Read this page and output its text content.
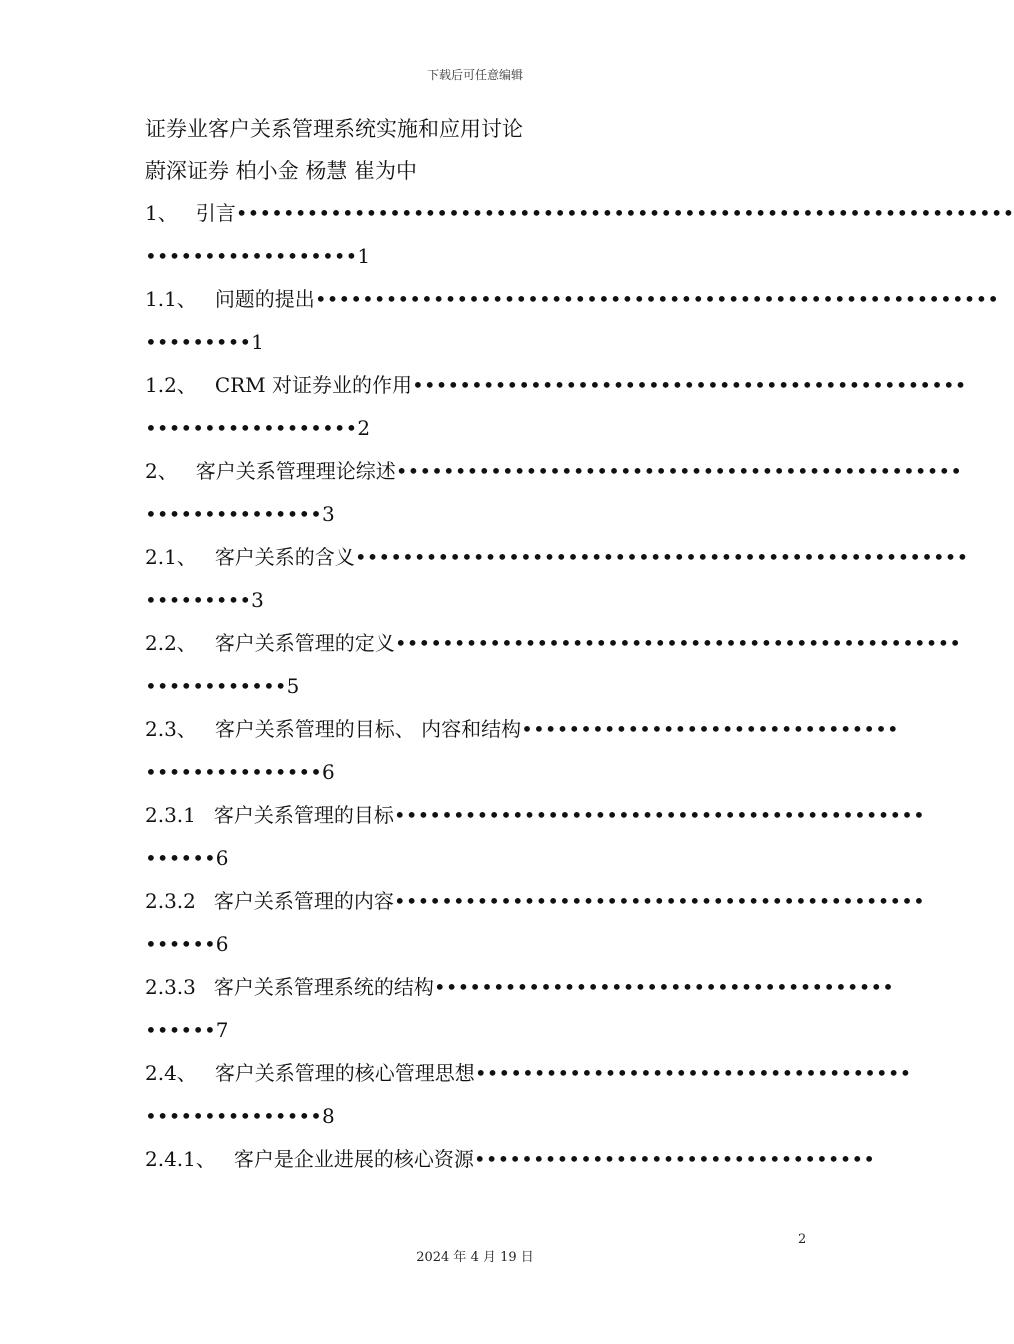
下载后可任意编辑
证券业客户关系管理系统实施和应用讨论
蔚深证券 柏小金 杨慧 崔为中
1、 引言••••••••••••••••••••••••••••••••••••••••••••••••••••••••••••••••••
••••••••••••••••••1
1.1、 问题的提出••••••••••••••••••••••••••••••••••••••••••••••••••••••••••
•••••••••1
1.2、 CRM 对证券业的作用•••••••••••••••••••••••••••••••••••••••••••••••
••••••••••••••••••2
2、 客户关系管理理论综述••••••••••••••••••••••••••••••••••••••••••••••••
•••••••••••••••3
2.1、 客户关系的含义••••••••••••••••••••••••••••••••••••••••••••••••••••
•••••••••3
2.2、 客户关系管理的定义••••••••••••••••••••••••••••••••••••••••••••••••
••••••••••••5
2.3、 客户关系管理的目标、 内容和结构••••••••••••••••••••••••••••••••
•••••••••••••••6
2.3.1 客户关系管理的目标•••••••••••••••••••••••••••••••••••••••••••••
••••••6
2.3.2 客户关系管理的内容•••••••••••••••••••••••••••••••••••••••••••••
••••••6
2.3.3 客户关系管理系统的结构•••••••••••••••••••••••••••••••••••••••
••••••7
2.4、 客户关系管理的核心管理思想•••••••••••••••••••••••••••••••••••••
•••••••••••••••8
2.4.1、 客户是企业进展的核心资源••••••••••••••••••••••••••••••••••
2
2024 年 4 月 19 日
